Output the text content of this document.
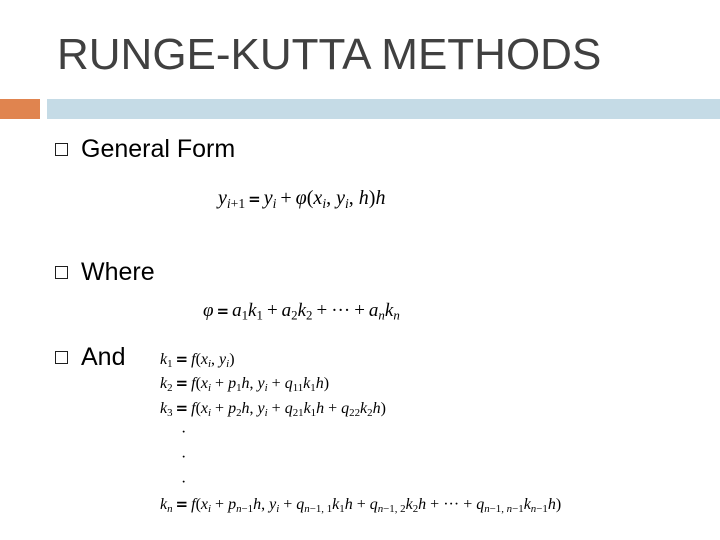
RUNGE-KUTTA METHODS
General Form
$y_{i+1} = y_i + \varphi(x_i$, $y_i$, h)h
Where
$\varphi = a_1k_1 + a_2k_2$ + ··· + $a_nk_n$
And $k_1 = f(x_i$, $y_i$)
$k_2 = f(x_i + p_1h$, $y_i + q_{11}k_1h$)
$k_3 = f(x_i + p_2h$, $y_i + q_{21}k_1h + q_{22}k_2h$)
·
·
·
$k_n = f(x_i + p_{n-1}h$, $y_i + q_{n-1, 1}k_1h + q_{n-1, 2}k_2h$ + ··· + $q_{n-1, n-1}k_{n-1}h$)
